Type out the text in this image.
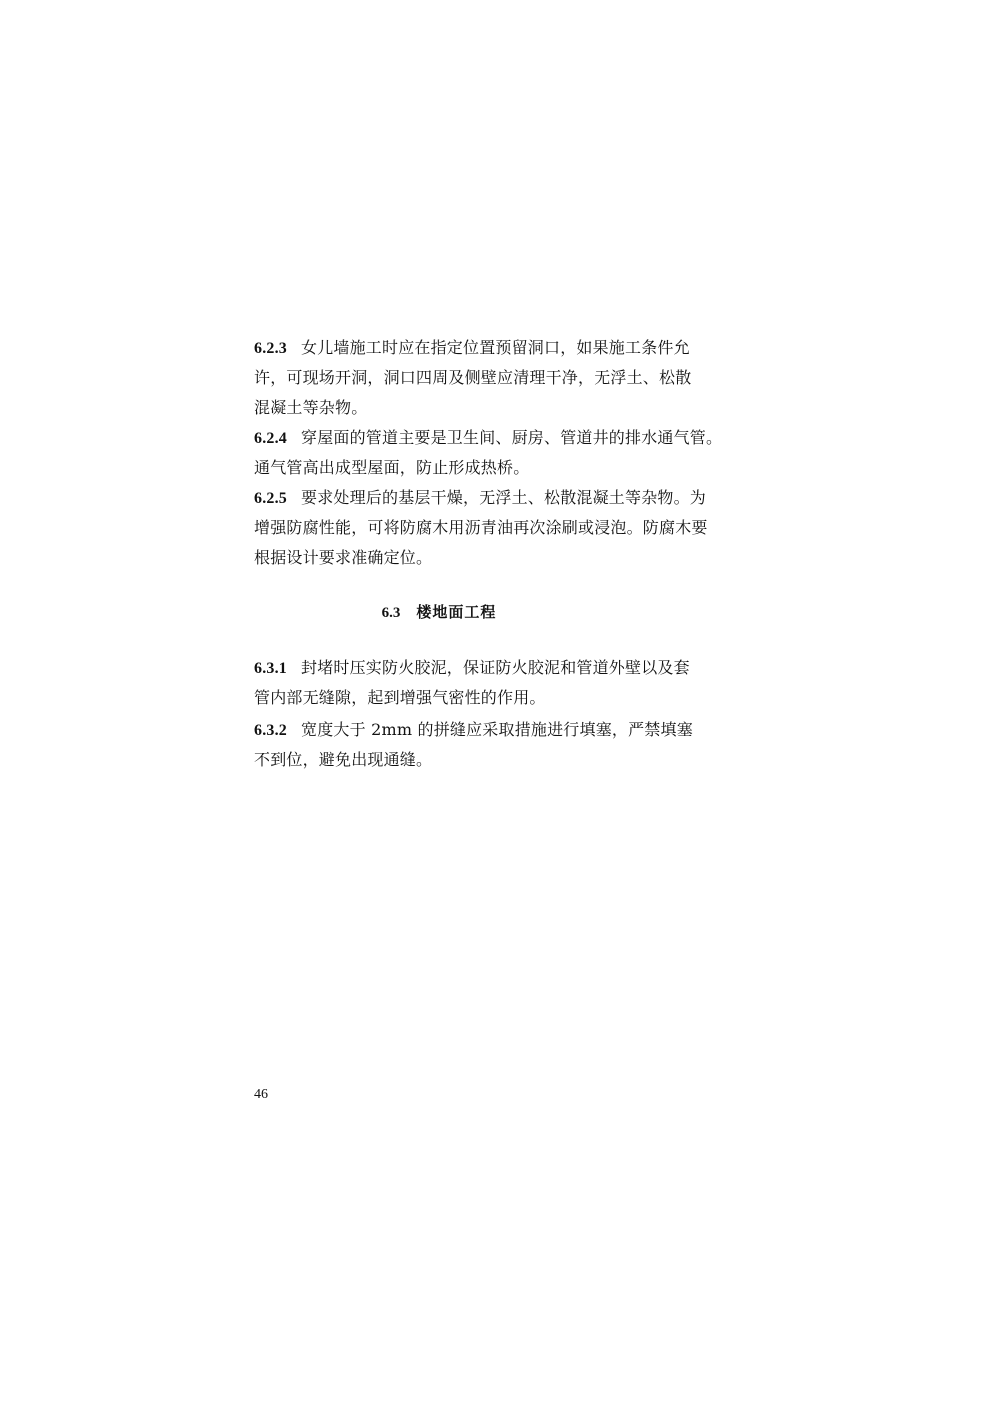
6.2.3 女儿墙施工时应在指定位置预留洞口，如果施工条件允
许，可现场开洞，洞口四周及侧壁应清理干净，无浮土、松散
混凝土等杂物。
6.2.4 穿屋面的管道主要是卫生间、厨房、管道井的排水通气管。
通气管高出成型屋面，防止形成热桥。
6.2.5 要求处理后的基层干燥，无浮土、松散混凝土等杂物。为
增强防腐性能，可将防腐木用沥青油再次涂刷或浸泡。防腐木要
根据设计要求准确定位。
6.3 楼地面工程
6.3.1 封堵时压实防火胶泥，保证防火胶泥和管道外壁以及套
管内部无缝隙，起到增强气密性的作用。
6.3.2 宽度大于 2mm 的拼缝应采取措施进行填塞，严禁填塞
不到位，避免出现通缝。
46
